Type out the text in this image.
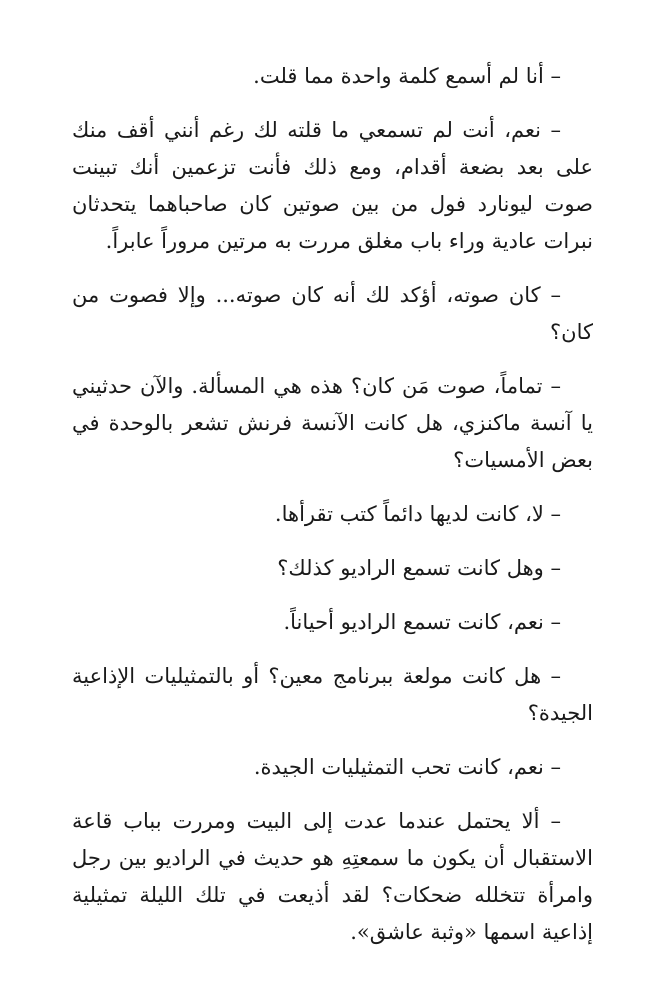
– أنا لم أسمع كلمة واحدة مما قلت.

– نعم، أنت لم تسمعي ما قلته لك رغم أنني أقف منك على بعد بضعة أقدام، ومع ذلك فأنت تزعمين أنك تبينت صوت ليونارد فول من بين صوتين كان صاحباهما يتحدثان نبرات عادية وراء باب مغلق مررت به مرتين مروراً عابراً.

– كان صوته، أؤكد لك أنه كان صوته... وإلا فصوت من كان؟

– تماماً، صوت مَن كان؟ هذه هي المسألة. والآن حدثيني يا آنسة ماكنزي، هل كانت الآنسة فرنش تشعر بالوحدة في بعض الأمسيات؟

– لا، كانت لديها دائماً كتب تقرأها.

– وهل كانت تسمع الراديو كذلك؟

– نعم، كانت تسمع الراديو أحياناً.

– هل كانت مولعة ببرنامج معين؟ أو بالتمثيليات الإذاعية الجيدة؟

– نعم، كانت تحب التمثيليات الجيدة.

– ألا يحتمل عندما عدت إلى البيت ومررت بباب قاعة الاستقبال أن يكون ما سمعتِهِ هو حديث في الراديو بين رجل وامرأة تتخلله ضحكات؟ لقد أذيعت في تلك الليلة تمثيلية إذاعية اسمها «وثبة عاشق».
